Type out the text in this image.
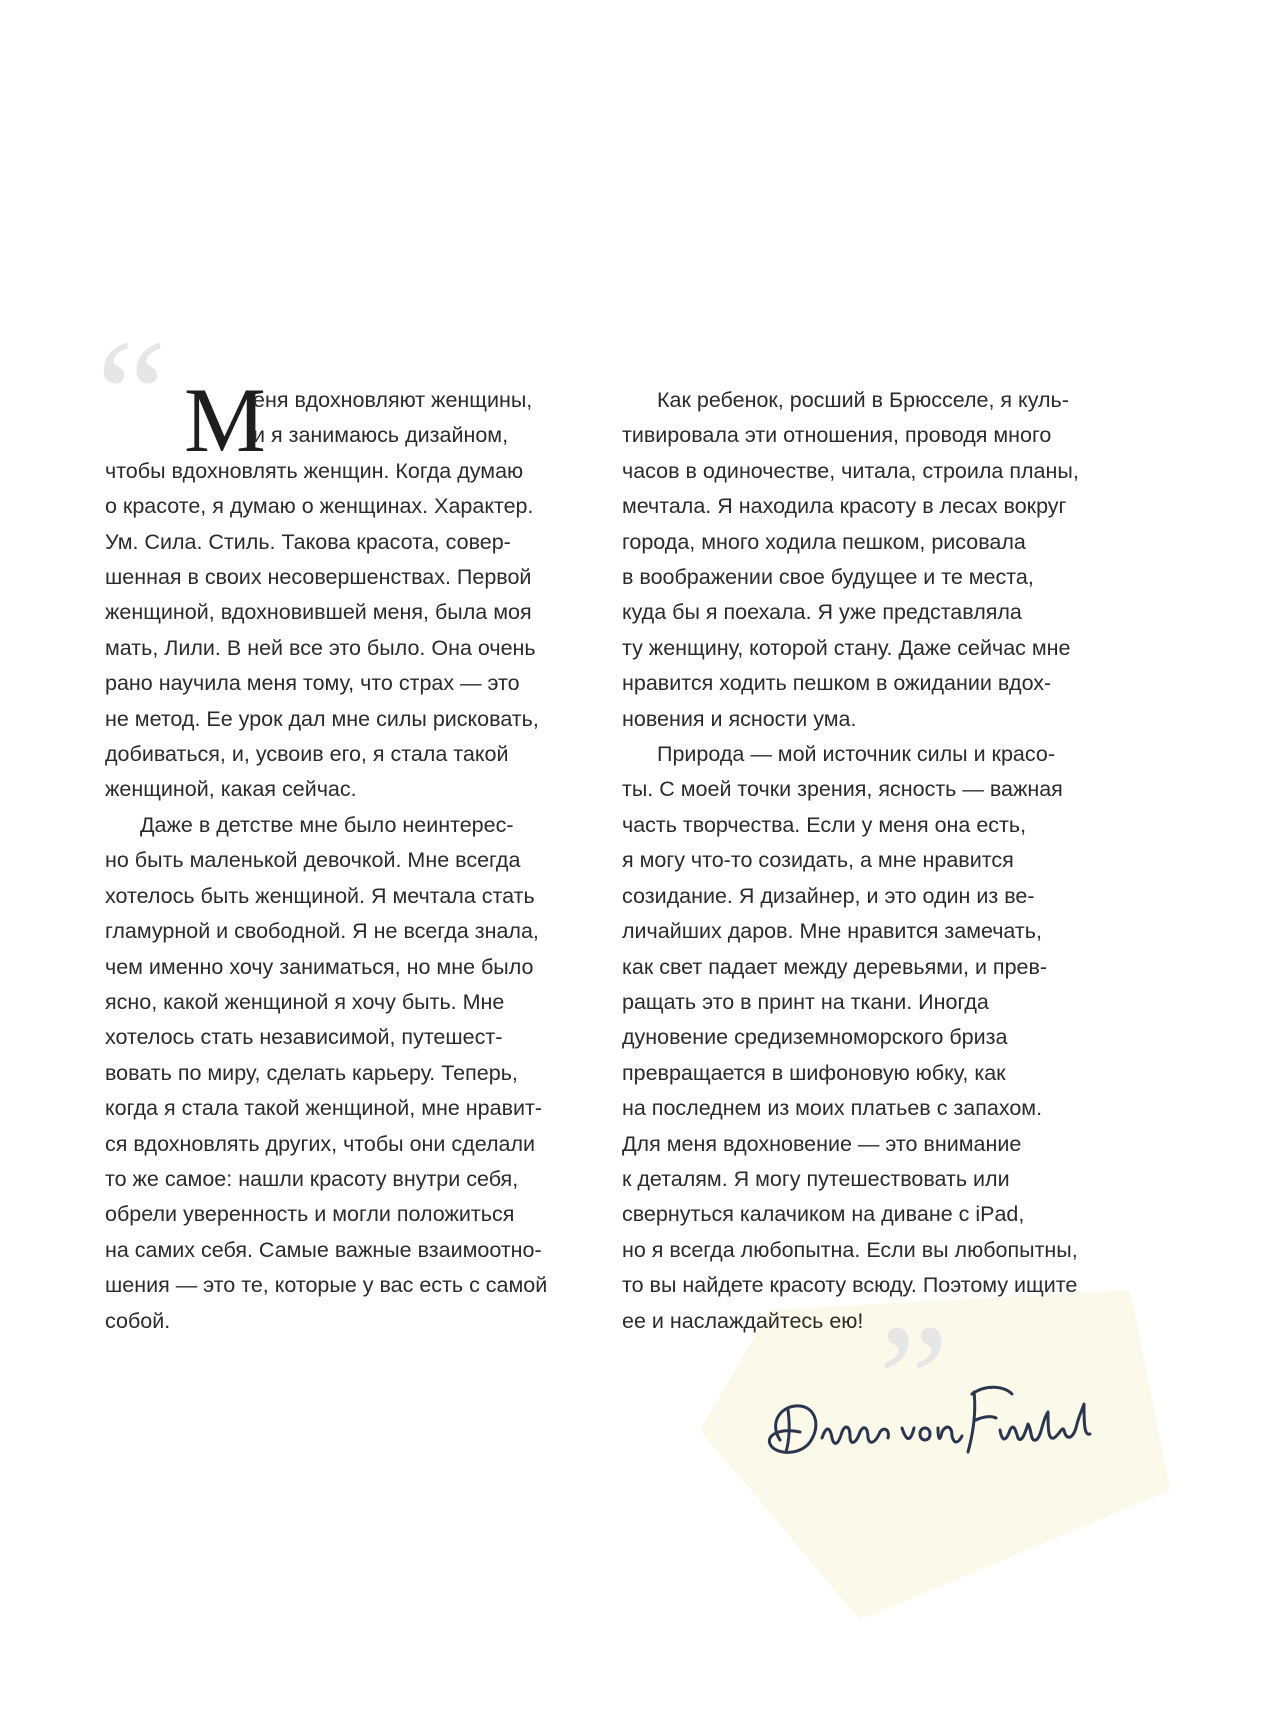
“ М
еня вдохновляют женщины,
и я занимаюсь дизайном,
чтобы вдохновлять женщин. Когда думаю
о красоте, я думаю о женщинах. Характер.
Ум. Сила. Стиль. Такова красота, совер-
шенная в своих несовершенствах. Первой
женщиной, вдохновившей меня, была моя
мать, Лили. В ней все это было. Она очень
рано научила меня тому, что страх — это
не метод. Ее урок дал мне силы рисковать,
добиваться, и, усвоив его, я стала такой
женщиной, какая сейчас.
Даже в детстве мне было неинтерес-
но быть маленькой девочкой. Мне всегда
хотелось быть женщиной. Я мечтала стать
гламурной и свободной. Я не всегда знала,
чем именно хочу заниматься, но мне было
ясно, какой женщиной я хочу быть. Мне
хотелось стать независимой, путешест-
вовать по миру, сделать карьеру. Теперь,
когда я стала такой женщиной, мне нравит-
ся вдохновлять других, чтобы они сделали
то же самое: нашли красоту внутри себя,
обрели уверенность и могли положиться
на самих себя. Самые важные взаимоотно-
шения — это те, которые у вас есть с самой
собой.
Как ребенок, росший в Брюсселе, я куль-
тивировала эти отношения, проводя много
часов в одиночестве, читала, строила планы,
мечтала. Я находила красоту в лесах вокруг
города, много ходила пешком, рисовала
в воображении свое будущее и те места,
куда бы я поехала. Я уже представляла
ту женщину, которой стану. Даже сейчас мне
нравится ходить пешком в ожидании вдох-
новения и ясности ума.
Природа — мой источник силы и красо-
ты. С моей точки зрения, ясность — важная
часть творчества. Если у меня она есть,
я могу что-то созидать, а мне нравится
созидание. Я дизайнер, и это один из ве-
личайших даров. Мне нравится замечать,
как свет падает между деревьями, и прев-
ращать это в принт на ткани. Иногда
дуновение средиземноморского бриза
превращается в шифоновую юбку, как
на последнем из моих платьев с запахом.
Для меня вдохновение — это внимание
к деталям. Я могу путешествовать или
свернуться калачиком на диване с iPad,
но я всегда любопытна. Если вы любопытны,
то вы найдете красоту всюду. Поэтому ищите
ее и наслаждайтесь ею! ”
